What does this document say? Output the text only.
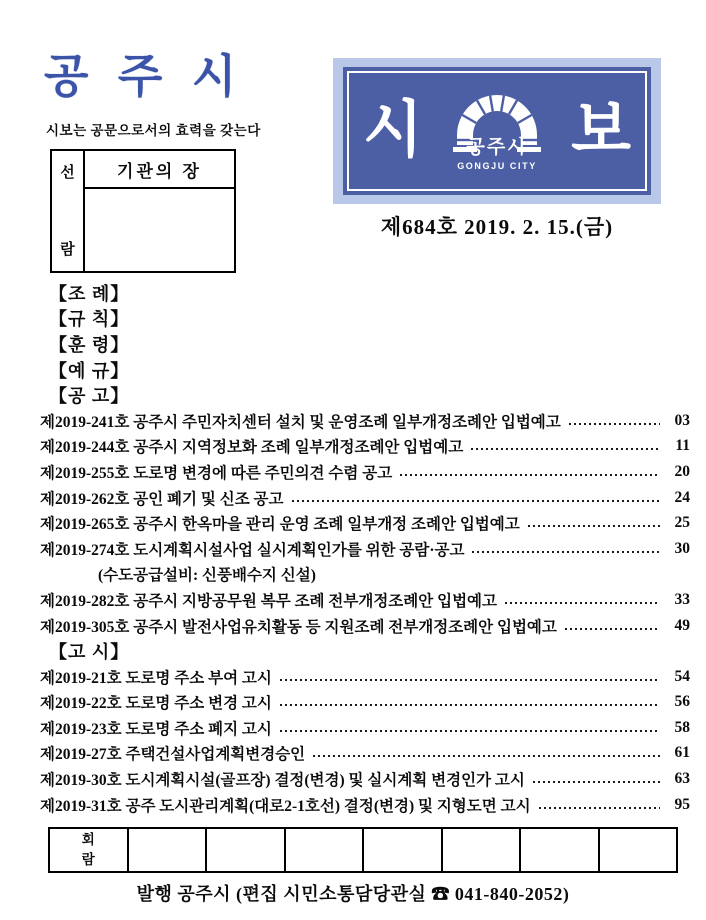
공 주 시
시보는 공문으로서의 효력을 갖는다
선
람
기관의 장
시 공주시
GONGJU CITY
보
제684호 2019. 2. 15.(금)
【조 례】
【규 칙】
【훈 령】
【예 규】
【공 고】
제2019-241호 공주시 주민자치센터 설치 및 운영조례 일부개정조례안 입법예고	03
제2019-244호 공주시 지역정보화 조례 일부개정조례안 입법예고	11
제2019-255호 도로명 변경에 따른 주민의견 수렴 공고	20
제2019-262호 공인 폐기 및 신조 공고	24
제2019-265호 공주시 한옥마을 관리 운영 조례 일부개정 조례안 입법예고	25
제2019-274호 도시계획시설사업 실시계획인가를 위한 공람·공고	30
(수도공급설비: 신풍배수지 신설)
제2019-282호 공주시 지방공무원 복무 조례 전부개정조례안 입법예고	33
제2019-305호 공주시 발전사업유치활동 등 지원조례 전부개정조례안 입법예고	49
【고 시】
제2019-21호 도로명 주소 부여 고시	54
제2019-22호 도로명 주소 변경 고시	56
제2019-23호 도로명 주소 폐지 고시	58
제2019-27호 주택건설사업계획변경승인	61
제2019-30호 도시계획시설(골프장) 결정(변경) 및 실시계획 변경인가 고시	63
제2019-31호 공주 도시관리계획(대로2-1호선) 결정(변경) 및 지형도면 고시	95
회
람
발행 공주시 (편집 시민소통담당관실 ☎ 041-840-2052)
